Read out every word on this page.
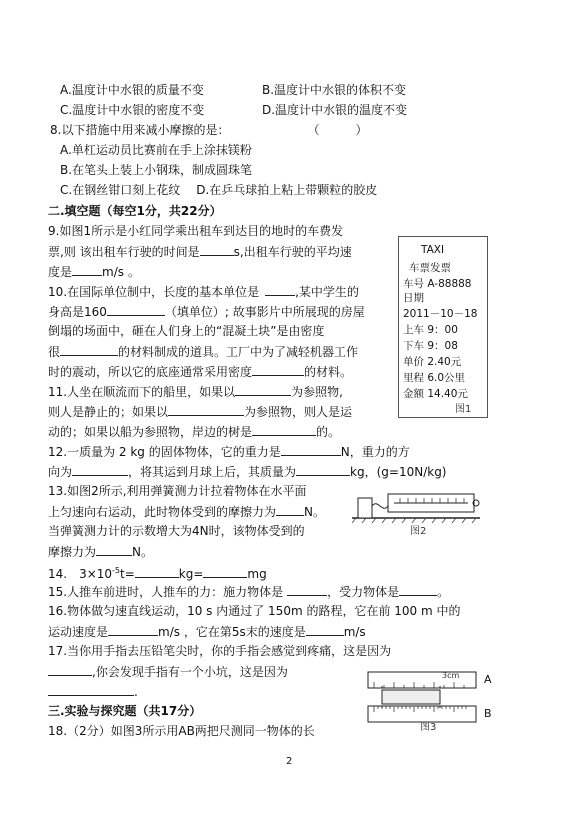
A.温度计中水银的质量不变	B.温度计中水银的体积不变
C.温度计中水银的密度不变	D.温度计中水银的温度不变
8.以下措施中用来减小摩擦的是：	（　　　）
A.单杠运动员比赛前在手上涂抹镁粉
B.在笔头上装上小钢珠，制成圆珠笔
C.在钢丝钳口刻上花纹 D.在乒乓球拍上粘上带颗粒的胶皮
二.填空题（每空1分，共22分）
9.如图1所示是小红同学乘出租车到达目的地时的车费发
票,则 该出租车行驶的时间是	s,出租车行驶的平均速
度是	m/s 。
TAXI
车票发票
车号 A-88888
日期
2011－10－18
上车 9：00
下车 9：08
单价 2.40元
里程 6.0公里
金额 14.40元
图1
10.在国际单位制中，长度的基本单位是	,某中学生的
身高是160	（填单位）; 故事影片中所展现的房屋
倒塌的场面中，砸在人们身上的“混凝土块”是由密度
很	的材料制成的道具。工厂中为了减轻机器工作
时的震动，所以它的底座通常采用密度	的材料。
11.人坐在顺流而下的船里，如果以	为参照物,
则人是静止的；如果以	为参照物，则人是运
动的；如果以船为参照物，岸边的树是	的。
12.一质量为 2 kg 的固体物体，它的重力是	N，重力的方
向为	，将其运到月球上后，其质量为	kg，(g=10N/kg)
13.如图2所示,利用弹簧测力计拉着物体在水平面
上匀速向右运动，此时物体受到的摩擦力为 N。
当弹簧测力计的示数增大为4N时，该物体受到的
摩擦力为	N。
图2
14.　$3\times 10^{-5}t=$	kg=	mg
15.人推车前进时，人推车的力：施力物体是	，受力物体是	。
16.物体做匀速直线运动，10 s 内通过了 150m 的路程，它在前 100 m 中的
运动速度是	m/s ，它在第5s末的速度是	m/s
17.当你用手指去压铅笔尖时，你的手指会感觉到疼痛，这是因为
,你会发现手指有一个小坑，这是因为
.
3cm A
B
图3
三.实验与探究题（共17分）
18.（2分）如图3所示用AB两把尺测同一物体的长
2
